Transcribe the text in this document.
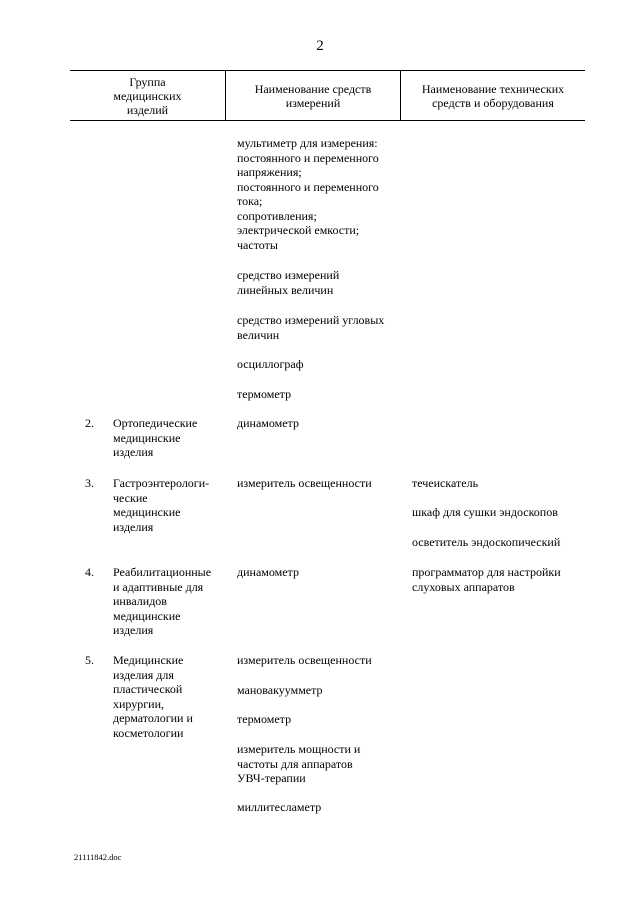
2
Группа
медицинских
изделий
Наименование средств
измерений
Наименование технических
средств и оборудования
мультиметр для измерения:
постоянного и переменного
напряжения;
постоянного и переменного
тока;
сопротивления;
электрической емкости;
частоты
средство измерений
линейных величин
средство измерений угловых
величин
осциллограф
термометр
2. Ортопедические
медицинские
изделия
динамометр
3. Гастроэнтерологи-
ческие
медицинские
изделия
измеритель освещенности	течеискатель
шкаф для сушки эндоскопов
осветитель эндоскопический
4. Реабилитационные
и адаптивные для
инвалидов
медицинские
изделия
динамометр	программатор для настройки
слуховых аппаратов
5. Медицинские
изделия для
пластической
хирургии,
дерматологии и
косметологии
измеритель освещенности
мановакуумметр
термометр
измеритель мощности и
частоты для аппаратов
УВЧ-терапии
миллитесламетр
21111842.doc
